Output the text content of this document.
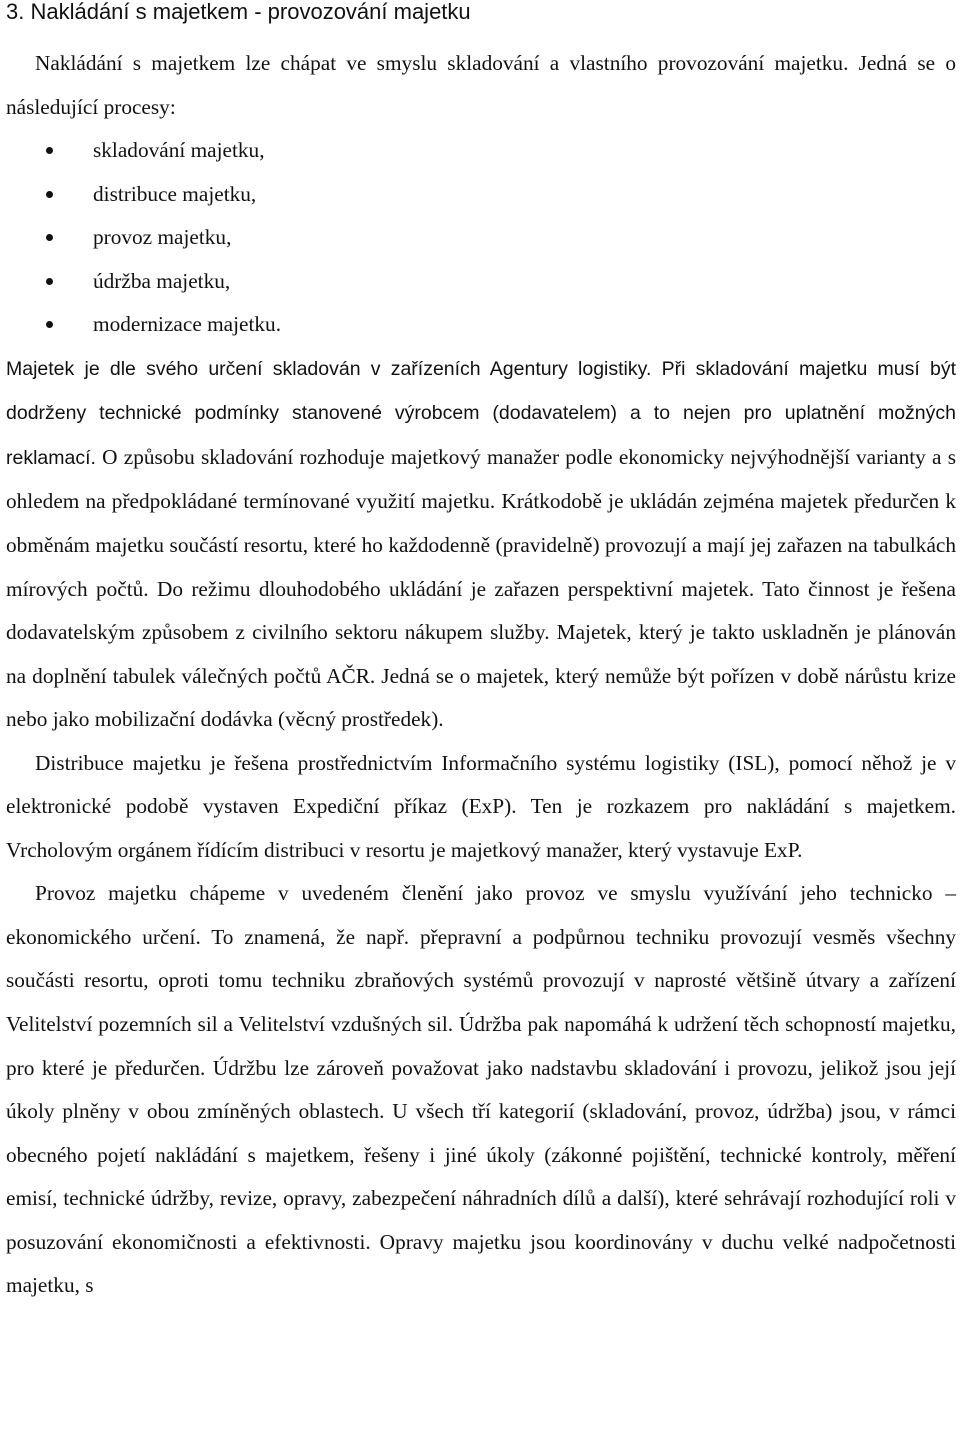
3. Nakládání s majetkem - provozování majetku

Nakládání s majetkem lze chápat ve smyslu skladování a vlastního provozování majetku. Jedná se o následující procesy:

skladování majetku,
distribuce majetku,
provoz majetku,
údržba majetku,
modernizace majetku.

Majetek je dle svého určení skladován v zařízeních Agentury logistiky. Při skladování majetku musí být dodrženy technické podmínky stanovené výrobcem (dodavatelem) a to nejen pro uplatnění možných reklamací. O způsobu skladování rozhoduje majetkový manažer podle ekonomicky nejvýhodnější varianty a s ohledem na předpokládané termínované využití majetku. Krátkodobě je ukládán zejména majetek předurčen k obměnám majetku součástí resortu, které ho každodenně (pravidelně) provozují a mají jej zařazen na tabulkách mírových počtů. Do režimu dlouhodobého ukládání je zařazen perspektivní majetek. Tato činnost je řešena dodavatelským způsobem z civilního sektoru nákupem služby. Majetek, který je takto uskladněn je plánován na doplnění tabulek válečných počtů AČR. Jedná se o majetek, který nemůže být pořízen v době nárůstu krize nebo jako mobilizační dodávka (věcný prostředek).

Distribuce majetku je řešena prostřednictvím Informačního systému logistiky (ISL), pomocí něhož je v elektronické podobě vystaven Expediční příkaz (ExP). Ten je rozkazem pro nakládání s majetkem. Vrcholovým orgánem řídícím distribuci v resortu je majetkový manažer, který vystavuje ExP.

Provoz majetku chápeme v uvedeném členění jako provoz ve smyslu využívání jeho technicko – ekonomického určení. To znamená, že např. přepravní a podpůrnou techniku provozují vesměs všechny součásti resortu, oproti tomu techniku zbraňových systémů provozují v naprosté většině útvary a zařízení Velitelství pozemních sil a Velitelství vzdušných sil. Údržba pak napomáhá k udržení těch schopností majetku, pro které je předurčen. Údržbu lze zároveň považovat jako nadstavbu skladování i provozu, jelikož jsou její úkoly plněny v obou zmíněných oblastech. U všech tří kategorií (skladování, provoz, údržba) jsou, v rámci obecného pojetí nakládání s majetkem, řešeny i jiné úkoly (zákonné pojištění, technické kontroly, měření emisí, technické údržby, revize, opravy, zabezpečení náhradních dílů a další), které sehrávají rozhodující roli v posuzování ekonomičnosti a efektivnosti. Opravy majetku jsou koordinovány v duchu velké nadpočetnosti majetku, s
